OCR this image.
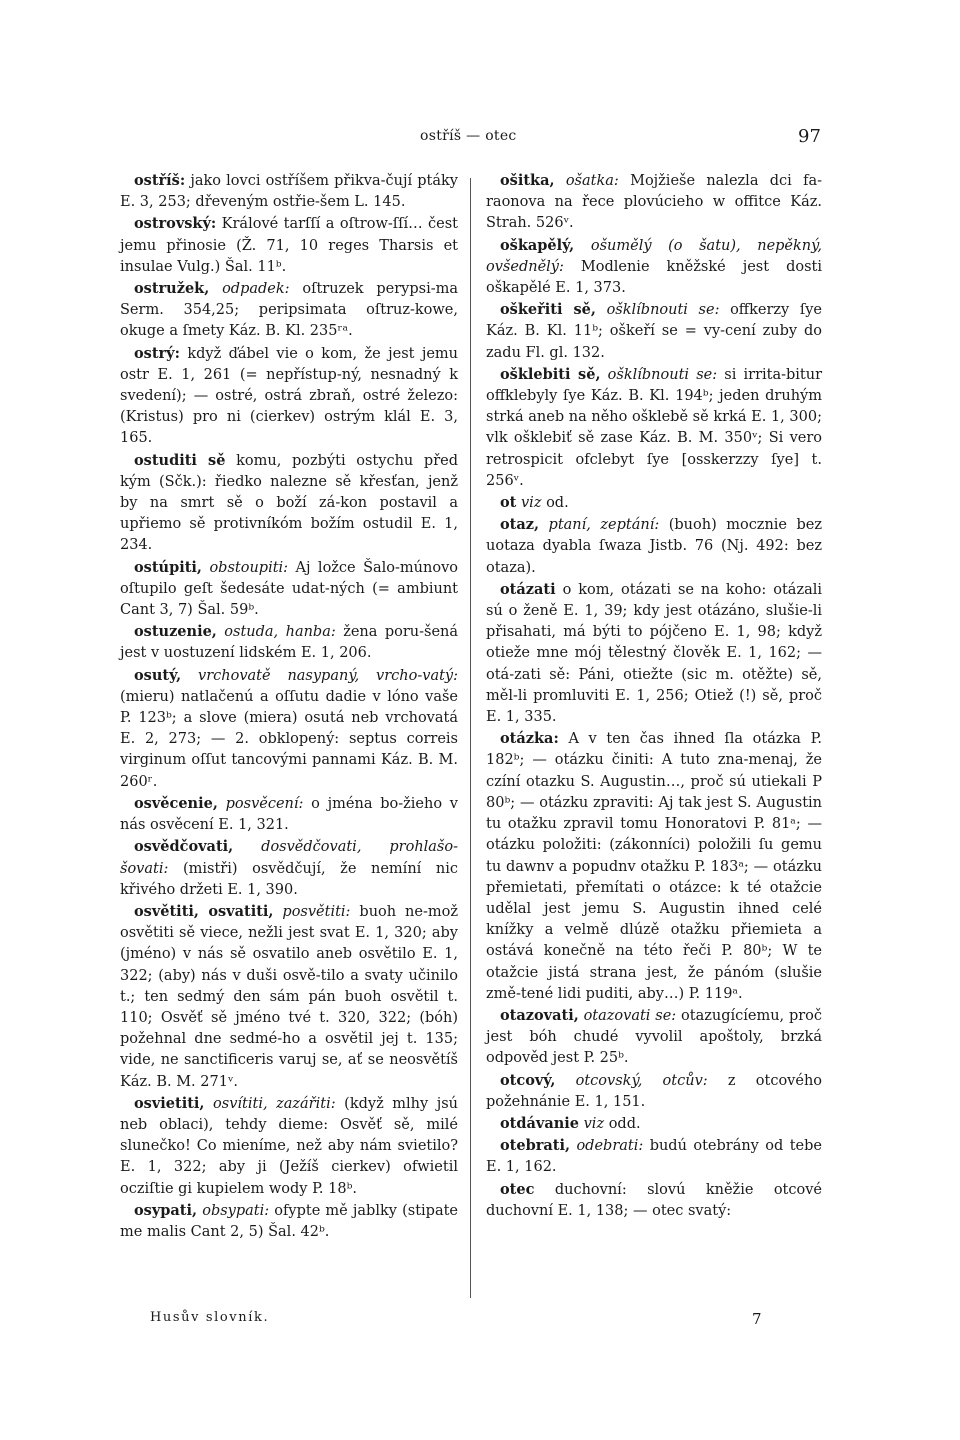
ostříš — otec	97

ostříš: jako lovci ostříšem přikva-čují ptáky E. 3, 253; dřeveným ostřie-šem L. 145.

ostrovský: Králové tarſſí a oſtrow-ſſí… čest jemu přinosie (Ž. 71, 10 reges Tharsis et insulae Vulg.) Šal. 11ᵇ.

ostružek, odpadek: oſtruzek perypsi-ma Serm. 354,25; peripsimata oſtruz-kowe, okuge a ſmety Káz. B. Kl. 235ʳᵃ.

ostrý: když ďábel vie o kom, že jest jemu ostr E. 1, 261 (= nepřístup-ný, nesnadný k svedení); — ostré, ostrá zbraň, ostré železo: (Kristus) pro ni (cierkev) ostrým klál E. 3, 165.

ostuditi sě komu, pozbýti ostychu před kým (Sčk.): řiedko nalezne sě křesťan, jenž by na smrt sě o boží zá-kon postavil a upřiemo sě protivníkóm božím ostudil E. 1, 234.

ostúpiti, obstoupiti: Aj ložce Šalo-múnovo oſtupilo geſt šedesáte udat-ných (= ambiunt Cant 3, 7) Šal. 59ᵇ.

ostuzenie, ostuda, hanba: žena poru-šená jest v uostuzení lidském E. 1, 206.

osutý, vrchovatě nasypaný, vrcho-vatý: (mieru) natlačenú a oſſutu dadie v lóno vaše P. 123ᵇ; a slove (miera) osutá neb vrchovatá E. 2, 273; — 2. obklopený: septus correis virginum oſſut tancovými pannami Káz. B. M. 260ʳ.

osvěcenie, posvěcení: o jména bo-žieho v nás osvěcení E. 1, 321.

osvědčovati, dosvědčovati, prohlašo-šovati: (mistři) osvědčují, že nemíní nic křivého držeti E. 1, 390.

osvětiti, osvatiti, posvětiti: buoh ne-mož osvětiti sě viece, nežli jest svat E. 1, 320; aby (jméno) v nás sě osvatilo aneb osvětilo E. 1, 322; (aby) nás v duši osvě-tilo a svaty učinilo t.; ten sedmý den sám pán buoh osvětil t. 110; Osvěť sě jméno tvé t. 320, 322; (bóh) požehnal dne sedmé-ho a osvětil jej t. 135; vide, ne sanctificeris varuj se, ať se neosvětíš Káz. B. M. 271ᵛ.

osvietiti, osvítiti, zazářiti: (když mlhy jsú neb oblaci), tehdy dieme: Osvěť sě, milé slunečko! Co mieníme, než aby nám svietilo? E. 1, 322; aby ji (Ježíš cierkev) ofwietil ocziſtie gi kupielem wody P. 18ᵇ.

osypati, obsypati: ofypte mě jablky (stipate me malis Cant 2, 5) Šal. 42ᵇ.

ošitka, ošatka: Mojžieše nalezla dci fa-raonova na řece plovúcieho w offitce Káz. Strah. 526ᵛ.

oškapělý, ošumělý (o šatu), nepěkný, ovšednělý: Modlenie kněžské jest dosti oškapělé E. 1, 373.

oškeřiti sě, ošklíbnouti se: offkerzy ſye Káz. B. Kl. 11ᵇ; oškeří se = vy-cení zuby do zadu Fl. gl. 132.

ošklebiti sě, ošklíbnouti se: si irrita-bitur offklebyly ſye Káz. B. Kl. 194ᵇ; jeden druhým strká aneb na něho ošklebě sě krká E. 1, 300; vlk ošklebiť sě zase Káz. B. M. 350ᵛ; Si vero retrospicit ofclebyt ſye [osskerzzy ſye] t. 256ᵛ.

ot viz od.

otaz, ptaní, zeptání: (buoh) mocznie bez uotaza dyabla ſwaza Jistb. 76 (Nj. 492: bez otaza).

otázati o kom, otázati se na koho: otázali sú o ženě E. 1, 39; kdy jest otázáno, slušie-li přisahati, má býti to pójčeno E. 1, 98; když otieže mne mój tělestný člověk E. 1, 162; — otá-zati sě: Páni, otiežte (sic m. otěžte) sě, měl-li promluviti E. 1, 256; Otiež (!) sě, proč E. 1, 335.

otázka: A v ten čas ihned ſla otázka P. 182ᵇ; — otázku činiti: A tuto zna-menaj, že czíní otazku S. Augustin…, proč sú utiekali P 80ᵇ; — otázku zpraviti: Aj tak jest S. Augustin tu otažku zpravil tomu Honoratovi P. 81ᵃ; — otázku položiti: (zákonníci) položili ſu gemu tu dawnv a popudnv otažku P. 183ᵃ; — otázku přemietati, přemítati o otázce: k té otažcie udělal jest jemu S. Augustin ihned celé knížky a velmě dlúzě otažku přiemieta a ostává konečně na této řeči P. 80ᵇ; W te otažcie jistá strana jest, že pánóm (slušie změ-tené lidi puditi, aby…) P. 119ᵃ.

otazovati, otazovati se: otazugícíemu, proč jest bóh chudé vyvolil apoštoly, brzká odpověd jest P. 25ᵇ.

otcový, otcovský, otcův: z otcového požehnánie E. 1, 151.

otdávanie viz odd.

otebrati, odebrati: budú otebrány od tebe E. 1, 162.

otec duchovní: slovú kněžie otcové duchovní E. 1, 138; — otec svatý:

Husův slovník.	7
